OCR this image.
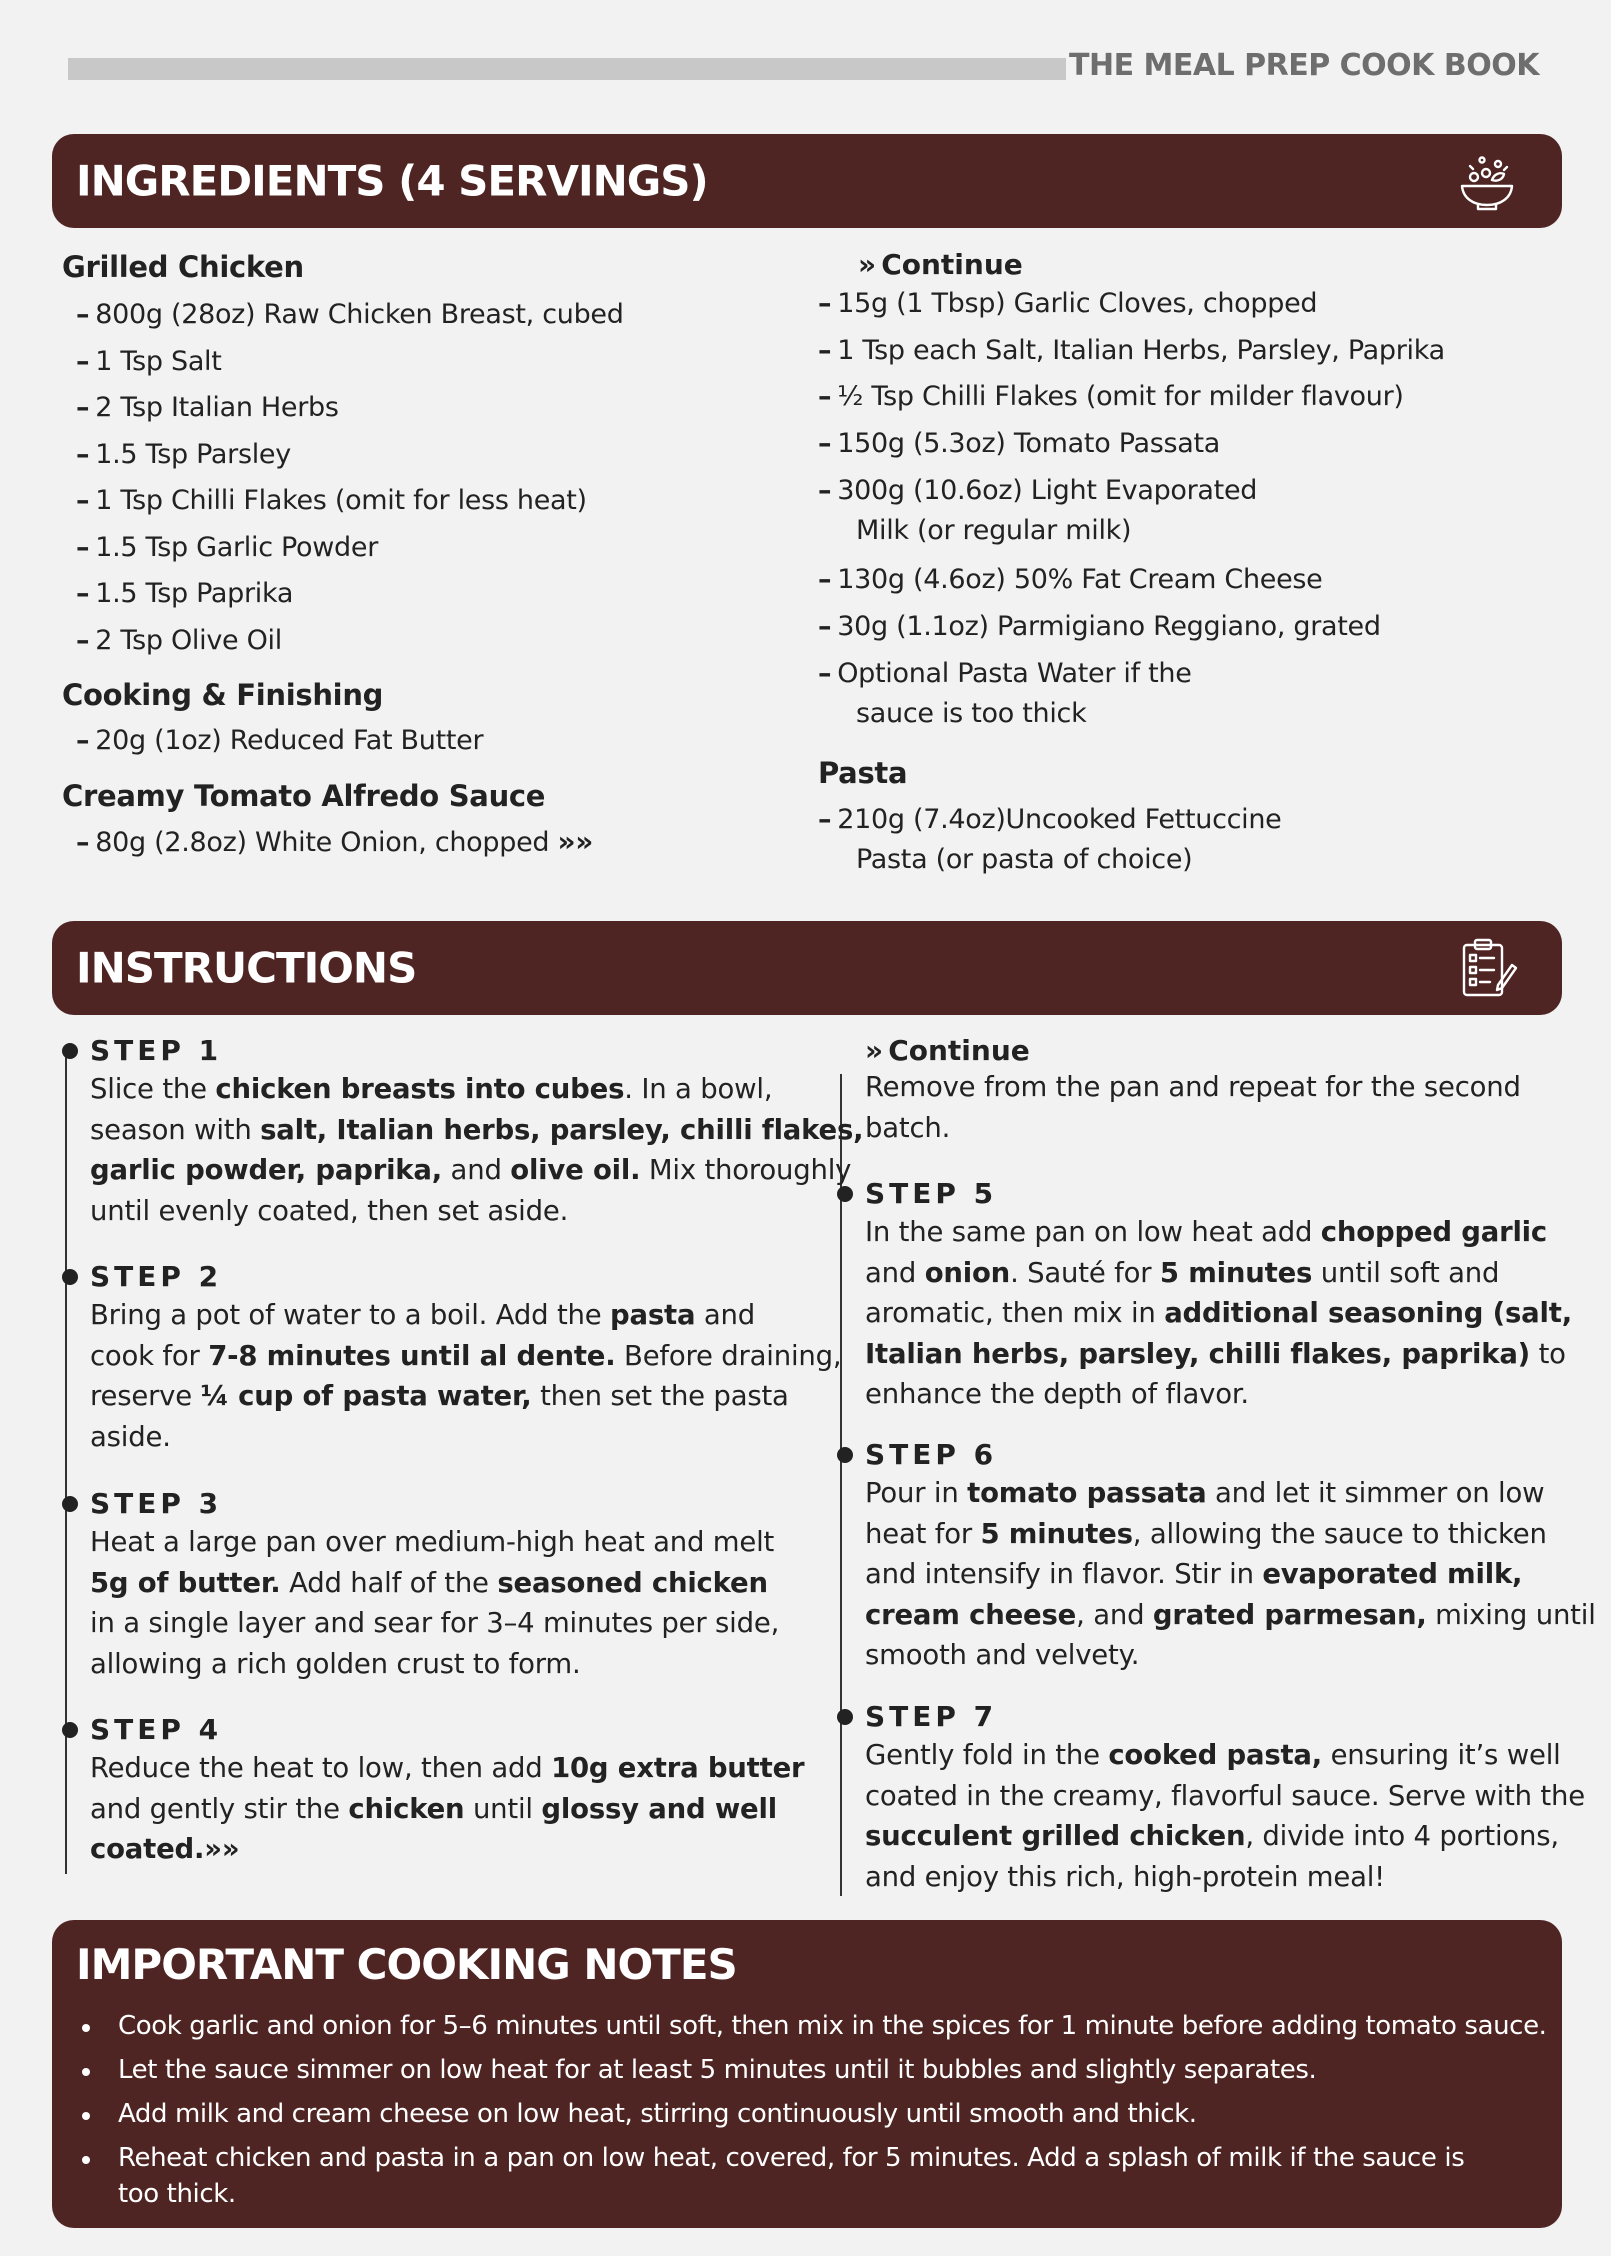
THE MEAL PREP COOK BOOK
INGREDIENTS (4 SERVINGS)
Grilled Chicken
– 800g (28oz) Raw Chicken Breast, cubed
– 1 Tsp Salt
– 2 Tsp Italian Herbs
– 1.5 Tsp Parsley
– 1 Tsp Chilli Flakes (omit for less heat)
– 1.5 Tsp Garlic Powder
– 1.5 Tsp Paprika
– 2 Tsp Olive Oil
Cooking & Finishing
– 20g (1oz) Reduced Fat Butter
Creamy Tomato Alfredo Sauce
– 80g (2.8oz) White Onion, chopped »»
» Continue
– 15g (1 Tbsp) Garlic Cloves, chopped
– 1 Tsp each Salt, Italian Herbs, Parsley, Paprika
– ½ Tsp Chilli Flakes (omit for milder flavour)
– 150g (5.3oz) Tomato Passata
– 300g (10.6oz) Light Evaporated
Milk (or regular milk)
– 130g (4.6oz) 50% Fat Cream Cheese
– 30g (1.1oz) Parmigiano Reggiano, grated
– Optional Pasta Water if the
sauce is too thick
Pasta
– 210g (7.4oz)Uncooked Fettuccine
Pasta (or pasta of choice)
INSTRUCTIONS
STEP 1

Slice the chicken breasts into cubes. In a bowl,

season with salt, Italian herbs, parsley, chilli flakes,

garlic powder, paprika, and olive oil. Mix thoroughly

until evenly coated, then set aside.

STEP 2

Bring a pot of water to a boil. Add the pasta and

cook for 7-8 minutes until al dente. Before draining,

reserve ¼ cup of pasta water, then set the pasta

aside.

STEP 3

Heat a large pan over medium-high heat and melt

5g of butter. Add half of the seasoned chicken

in a single layer and sear for 3–4 minutes per side,

allowing a rich golden crust to form.

STEP 4

Reduce the heat to low, then add 10g extra butter

and gently stir the chicken until glossy and well

coated.»»

» Continue

Remove from the pan and repeat for the second

batch.

STEP 5

In the same pan on low heat add chopped garlic

and onion. Sauté for 5 minutes until soft and

aromatic, then mix in additional seasoning (salt,

Italian herbs, parsley, chilli flakes, paprika) to

enhance the depth of flavor.

STEP 6

Pour in tomato passata and let it simmer on low

heat for 5 minutes, allowing the sauce to thicken

and intensify in flavor. Stir in evaporated milk,

cream cheese, and grated parmesan, mixing until

smooth and velvety.

STEP 7

Gently fold in the cooked pasta, ensuring it’s well

coated in the creamy, flavorful sauce. Serve with the

succulent grilled chicken, divide into 4 portions,

and enjoy this rich, high-protein meal!

IMPORTANT COOKING NOTES
Cook garlic and onion for 5–6 minutes until soft, then mix in the spices for 1 minute before adding tomato sauce.
Let the sauce simmer on low heat for at least 5 minutes until it bubbles and slightly separates.
Add milk and cream cheese on low heat, stirring continuously until smooth and thick.
Reheat chicken and pasta in a pan on low heat, covered, for 5 minutes. Add a splash of milk if the sauce is
too thick.
